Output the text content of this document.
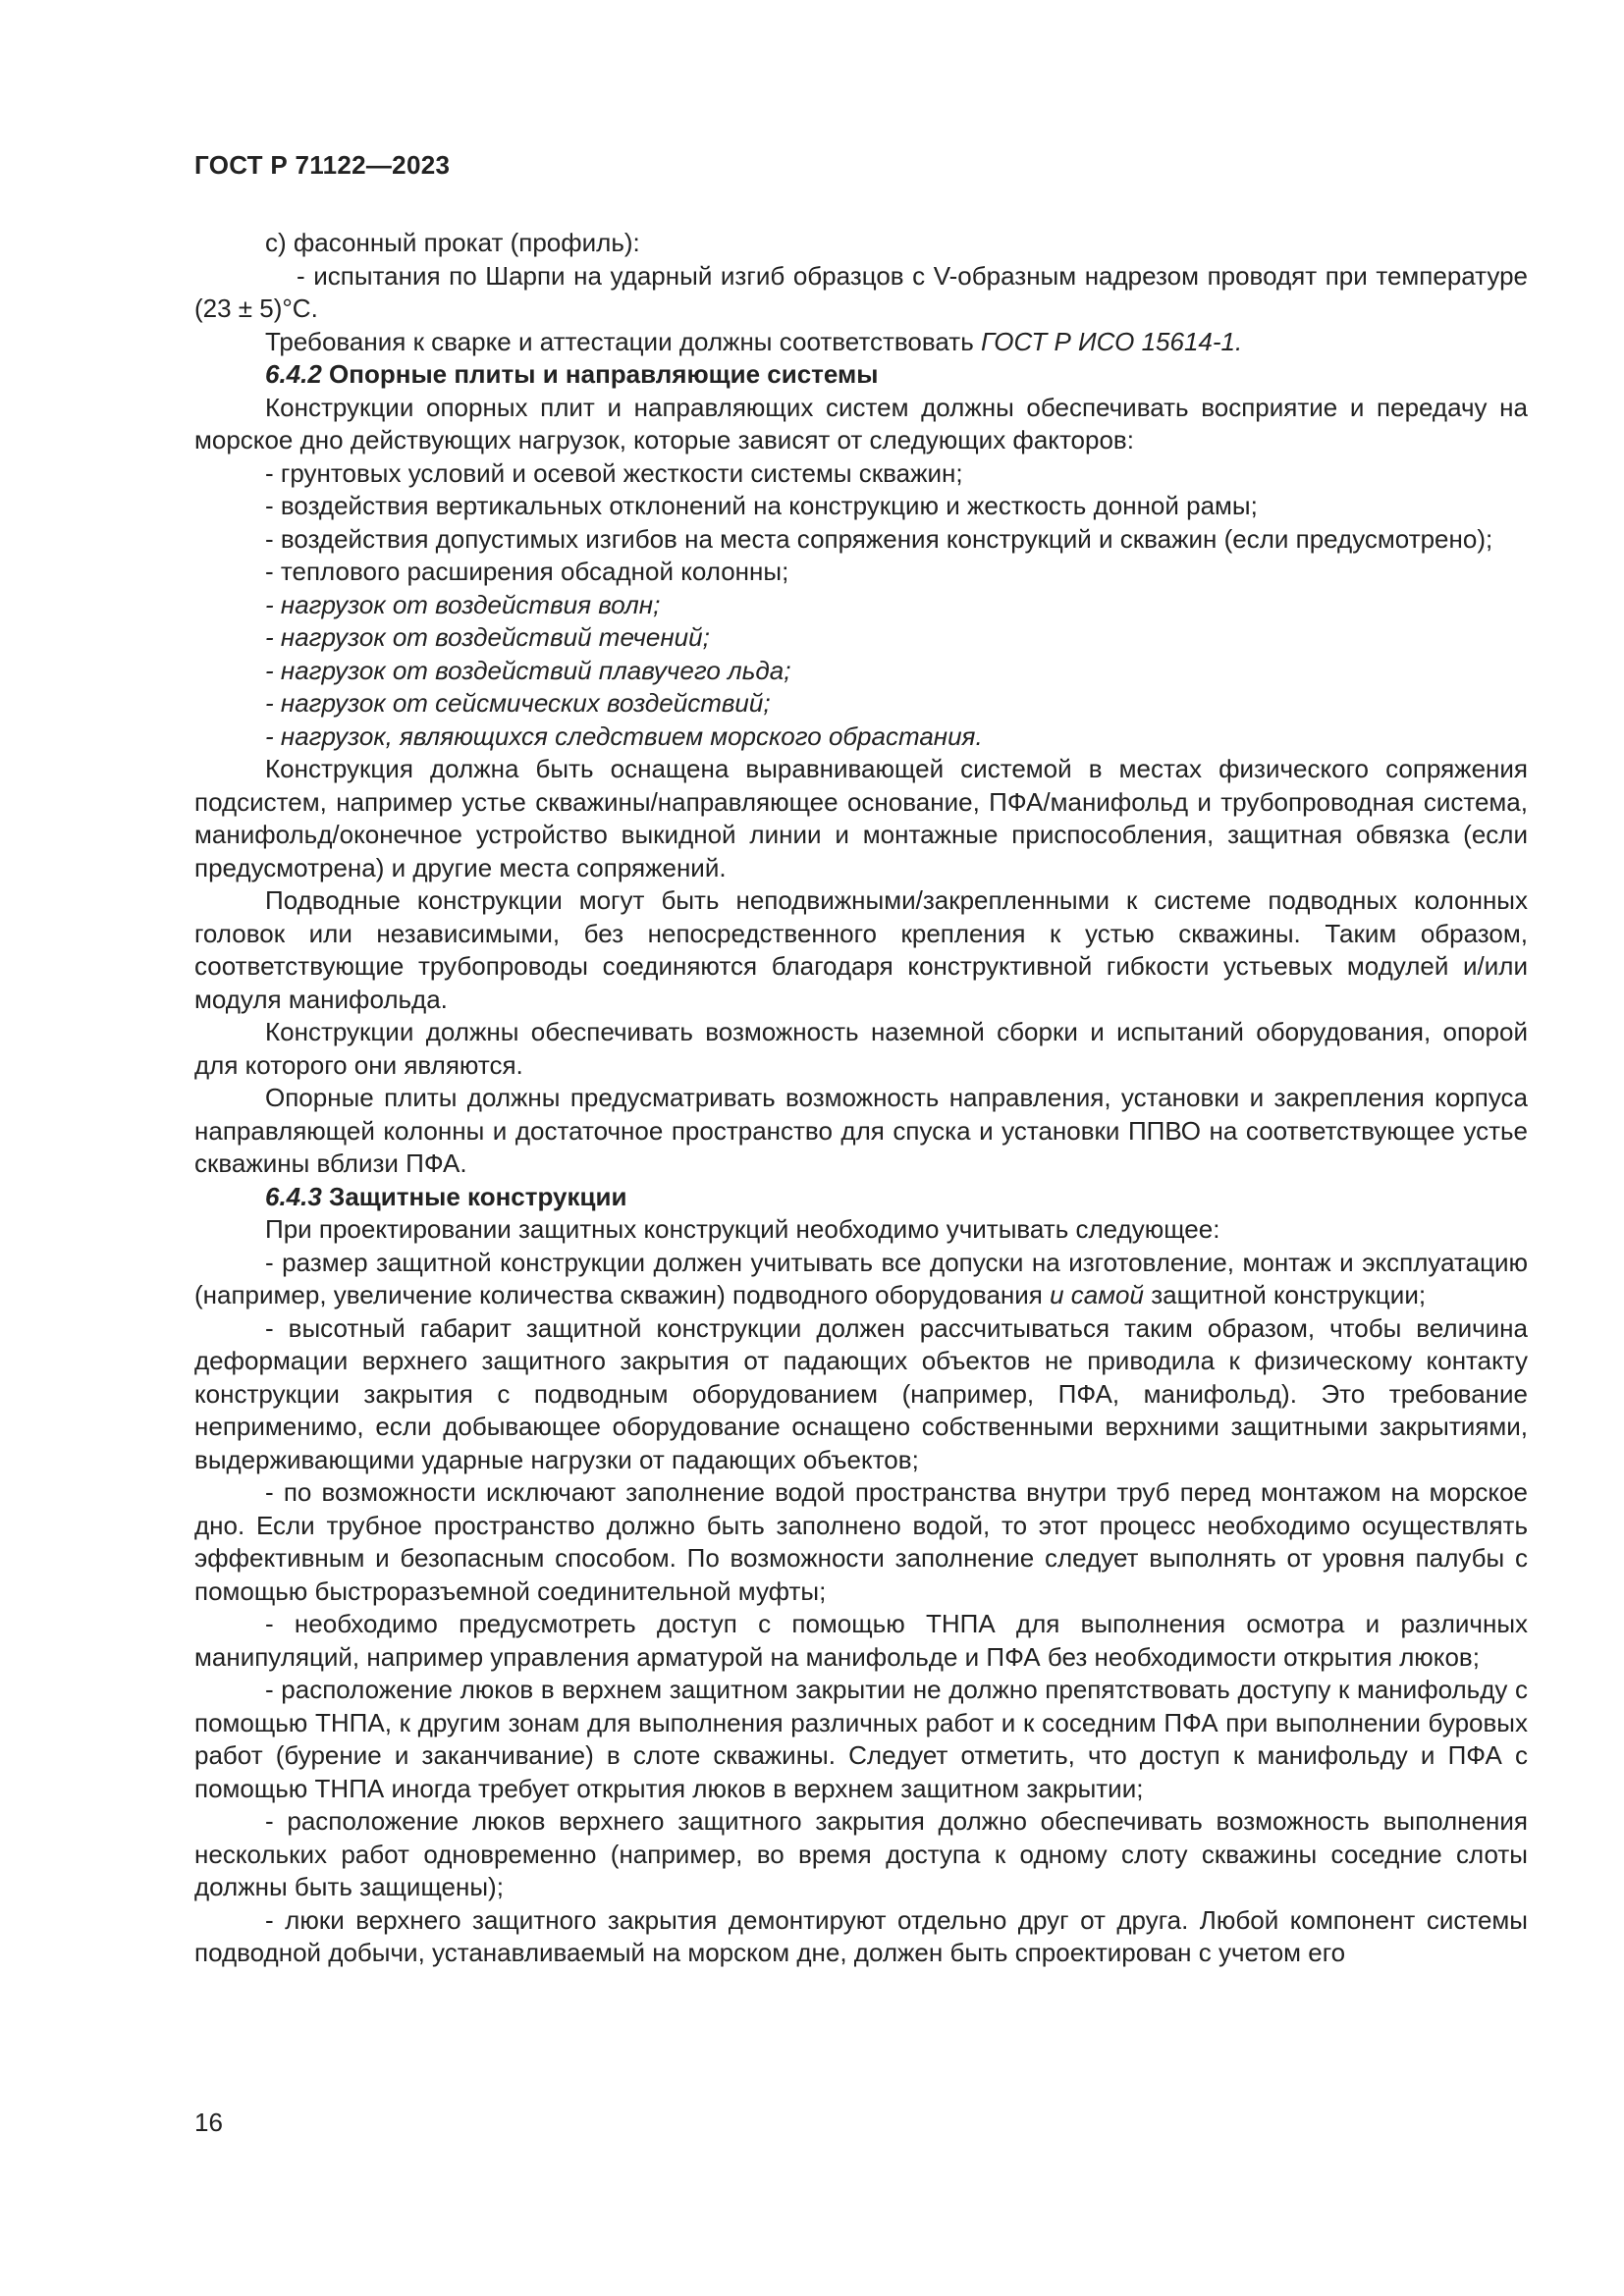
ГОСТ Р 71122—2023

с) фасонный прокат (профиль):

- испытания по Шарпи на ударный изгиб образцов с V-образным надрезом проводят при температуре (23 ± 5)°C.

Требования к сварке и аттестации должны соответствовать ГОСТ Р ИСО 15614-1.

6.4.2 Опорные плиты и направляющие системы

Конструкции опорных плит и направляющих систем должны обеспечивать восприятие и передачу на морское дно действующих нагрузок, которые зависят от следующих факторов:

- грунтовых условий и осевой жесткости системы скважин;

- воздействия вертикальных отклонений на конструкцию и жесткость донной рамы;

- воздействия допустимых изгибов на места сопряжения конструкций и скважин (если предусмотрено);

- теплового расширения обсадной колонны;

- нагрузок от воздействия волн;

- нагрузок от воздействий течений;

- нагрузок от воздействий плавучего льда;

- нагрузок от сейсмических воздействий;

- нагрузок, являющихся следствием морского обрастания.

Конструкция должна быть оснащена выравнивающей системой в местах физического сопряжения подсистем, например устье скважины/направляющее основание, ПФА/манифольд и трубопроводная система, манифольд/оконечное устройство выкидной линии и монтажные приспособления, защитная обвязка (если предусмотрена) и другие места сопряжений.

Подводные конструкции могут быть неподвижными/закрепленными к системе подводных колонных головок или независимыми, без непосредственного крепления к устью скважины. Таким образом, соответствующие трубопроводы соединяются благодаря конструктивной гибкости устьевых модулей и/или модуля манифольда.

Конструкции должны обеспечивать возможность наземной сборки и испытаний оборудования, опорой для которого они являются.

Опорные плиты должны предусматривать возможность направления, установки и закрепления корпуса направляющей колонны и достаточное пространство для спуска и установки ППВО на соответствующее устье скважины вблизи ПФА.

6.4.3 Защитные конструкции

При проектировании защитных конструкций необходимо учитывать следующее:

- размер защитной конструкции должен учитывать все допуски на изготовление, монтаж и эксплуатацию (например, увеличение количества скважин) подводного оборудования и самой защитной конструкции;

- высотный габарит защитной конструкции должен рассчитываться таким образом, чтобы величина деформации верхнего защитного закрытия от падающих объектов не приводила к физическому контакту конструкции закрытия с подводным оборудованием (например, ПФА, манифольд). Это требование неприменимо, если добывающее оборудование оснащено собственными верхними защитными закрытиями, выдерживающими ударные нагрузки от падающих объектов;

- по возможности исключают заполнение водой пространства внутри труб перед монтажом на морское дно. Если трубное пространство должно быть заполнено водой, то этот процесс необходимо осуществлять эффективным и безопасным способом. По возможности заполнение следует выполнять от уровня палубы с помощью быстроразъемной соединительной муфты;

- необходимо предусмотреть доступ с помощью ТНПА для выполнения осмотра и различных манипуляций, например управления арматурой на манифольде и ПФА без необходимости открытия люков;

- расположение люков в верхнем защитном закрытии не должно препятствовать доступу к манифольду с помощью ТНПА, к другим зонам для выполнения различных работ и к соседним ПФА при выполнении буровых работ (бурение и заканчивание) в слоте скважины. Следует отметить, что доступ к манифольду и ПФА с помощью ТНПА иногда требует открытия люков в верхнем защитном закрытии;

- расположение люков верхнего защитного закрытия должно обеспечивать возможность выполнения нескольких работ одновременно (например, во время доступа к одному слоту скважины соседние слоты должны быть защищены);

- люки верхнего защитного закрытия демонтируют отдельно друг от друга. Любой компонент системы подводной добычи, устанавливаемый на морском дне, должен быть спроектирован с учетом его

16
